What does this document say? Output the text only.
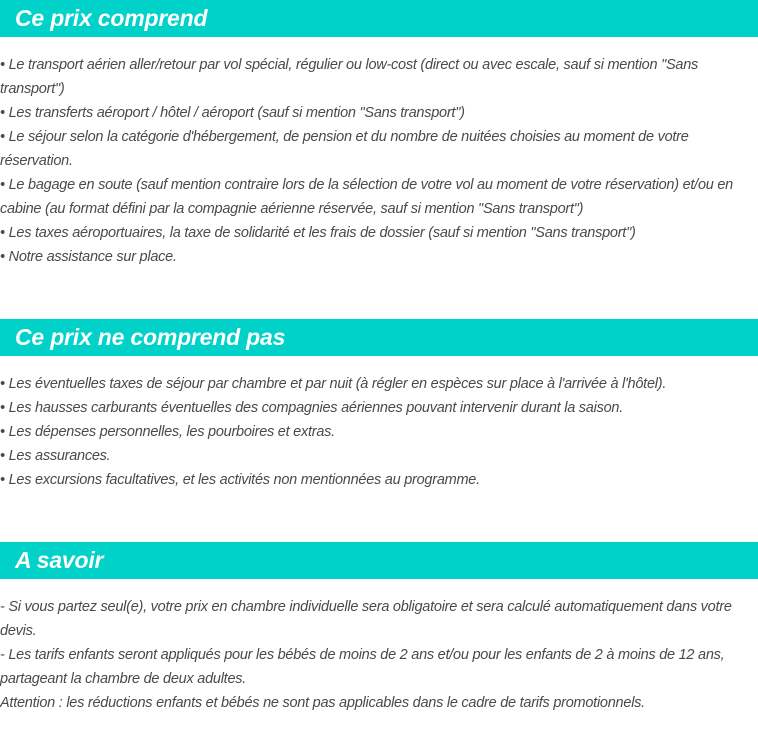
Ce prix comprend
• Le transport aérien aller/retour par vol spécial, régulier ou low-cost (direct ou avec escale, sauf si mention "Sans transport")
• Les transferts aéroport / hôtel / aéroport (sauf si mention "Sans transport")
• Le séjour selon la catégorie d'hébergement, de pension et du nombre de nuitées choisies au moment de votre réservation.
• Le bagage en soute (sauf mention contraire lors de la sélection de votre vol au moment de votre réservation) et/ou en cabine (au format défini par la compagnie aérienne réservée, sauf si mention "Sans transport")
• Les taxes aéroportuaires, la taxe de solidarité et les frais de dossier (sauf si mention "Sans transport")
• Notre assistance sur place.
Ce prix ne comprend pas
• Les éventuelles taxes de séjour par chambre et par nuit (à régler en espèces sur place à l'arrivée à l'hôtel).
• Les hausses carburants éventuelles des compagnies aériennes pouvant intervenir durant la saison.
• Les dépenses personnelles, les pourboires et extras.
• Les assurances.
• Les excursions facultatives, et les activités non mentionnées au programme.
A savoir
- Si vous partez seul(e), votre prix en chambre individuelle sera obligatoire et sera calculé automatiquement dans votre devis.
- Les tarifs enfants seront appliqués pour les bébés de moins de 2 ans et/ou pour les enfants de 2 à moins de 12 ans, partageant la chambre de deux adultes.
Attention : les réductions enfants et bébés ne sont pas applicables dans le cadre de tarifs promotionnels.
